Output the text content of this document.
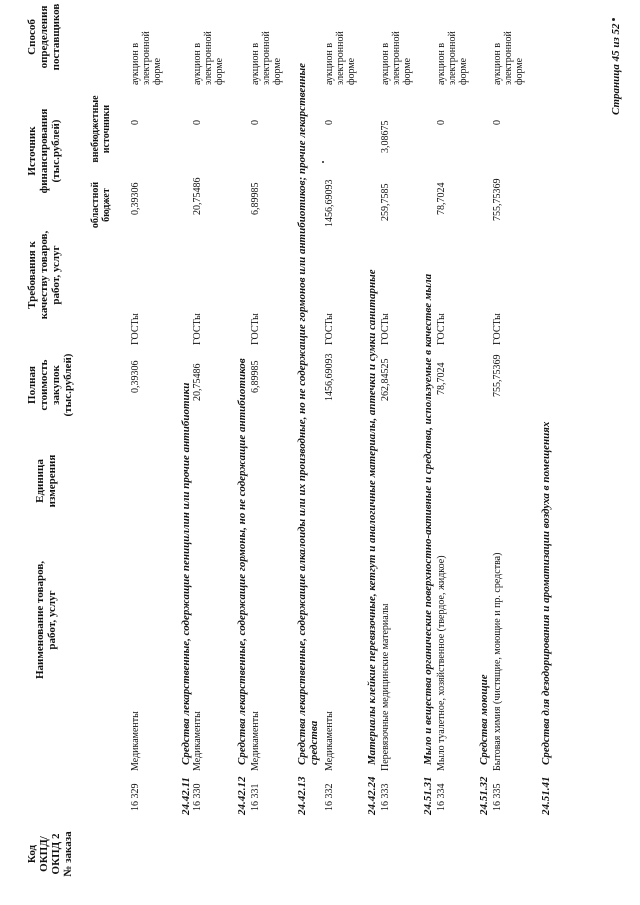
Код ОКПД/ ОКПД 2 № заказа
Наименование товаров, работ, услуг
Единица измерения
Полная стоимость закупок (тыс.рублей)
Требования к качеству товаров, работ, услуг
Источник финансирования (тыс.рублей)
областной бюджет
внебюджетные источники
Способ определения поставщиков
16 329
Медикаменты
0,39306
ГОСТы
0,39306
0
аукцион в электронной форме
24.42.11
Средства лекарственные, содержащие пенициллин или прочие антибиотики
16 330
Медикаменты
20,75486
ГОСТы
20,75486
0
аукцион в электронной форме
24.42.12
Средства лекарственные, содержащие гормоны, но не содержащие антибиотиков
16 331
Медикаменты
6,89985
ГОСТы
6,89985
0
аукцион в электронной форме
24.42.13
Средства лекарственные, содержащие алкалоиды или их производные, но не содержащие гормонов или антибиотиков; прочие лекарственные средства
16 332
Медикаменты
1456,69093
ГОСТы
1456,69093
0
аукцион в электронной форме
24.42.24
Материалы клейкие перевязочные, кетгут и аналогичные материалы, аптечки и сумки санитарные
16 333
Перевязочные медицинские материалы
262,84525
ГОСТы
259,7585
3,08675
аукцион в электронной форме
24.51.31
Мыло и вещества органические поверхностно-активные и средства, используемые в качестве мыла
16 334
Мыло туалетное, хозяйственное (твердое, жидкое)
78,7024
ГОСТы
78,7024
0
аукцион в электронной форме
24.51.32
Средства моющие
16 335
Бытовая химия (чистящие, моющие и пр. средства)
755,75369
ГОСТы
755,75369
0
аукцион в электронной форме
24.51.41
Средства для дезодорирования и ароматизации воздуха в помещениях
Страница 45 из 52
